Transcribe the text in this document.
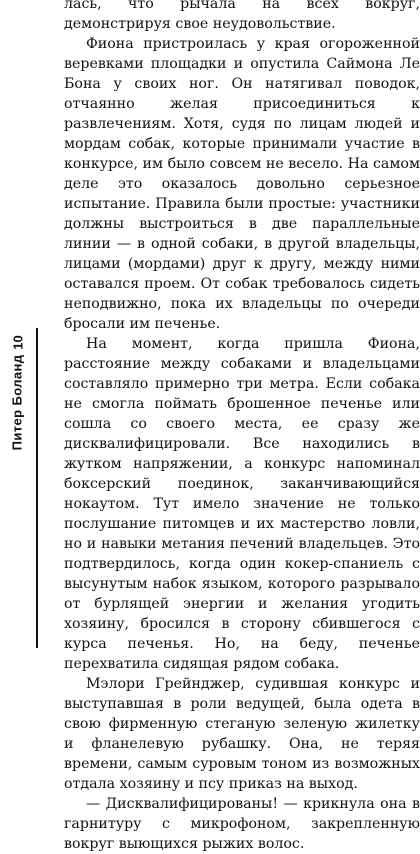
10
Питер Боланд

лась, что рычала на всех вокруг, демонстрируя свое неудовольствие.

Фиона пристроилась у края огороженной веревками площадки и опустила Саймона Ле Бона у своих ног. Он натягивал поводок, отчаянно желая присоединиться к развлечениям. Хотя, судя по лицам людей и мордам собак, которые принимали участие в конкурсе, им было совсем не весело. На самом деле это оказалось довольно серьезное испытание. Правила были простые: участники должны выстроиться в две параллельные линии — в одной собаки, в другой владельцы, лицами (мордами) друг к другу, между ними оставался проем. От собак требовалось сидеть неподвижно, пока их владельцы по очереди бросали им печенье.

На момент, когда пришла Фиона, расстояние между собаками и владельцами составляло примерно три метра. Если собака не смогла поймать брошенное печенье или сошла со своего места, ее сразу же дисквалифицировали. Все находились в жутком напряжении, а конкурс напоминал боксерский поединок, заканчивающийся нокаутом. Тут имело значение не только послушание питомцев и их мастерство ловли, но и навыки метания печений владельцев. Это подтвердилось, когда один кокер-спаниель с высунутым набок языком, которого разрывало от бурлящей энергии и желания угодить хозяину, бросился в сторону сбившегося с курса печенья. Но, на беду, печенье перехватила сидящая рядом собака.

Мэлори Грейнджер, судившая конкурс и выступавшая в роли ведущей, была одета в свою фирменную стеганую зеленую жилетку и фланелевую рубашку. Она, не теряя времени, самым суровым тоном из возможных отдала хозяину и псу приказ на выход.

— Дисквалифицированы! — крикнула она в гарнитуру с микрофоном, закрепленную вокруг выющихся рыжих волос.
